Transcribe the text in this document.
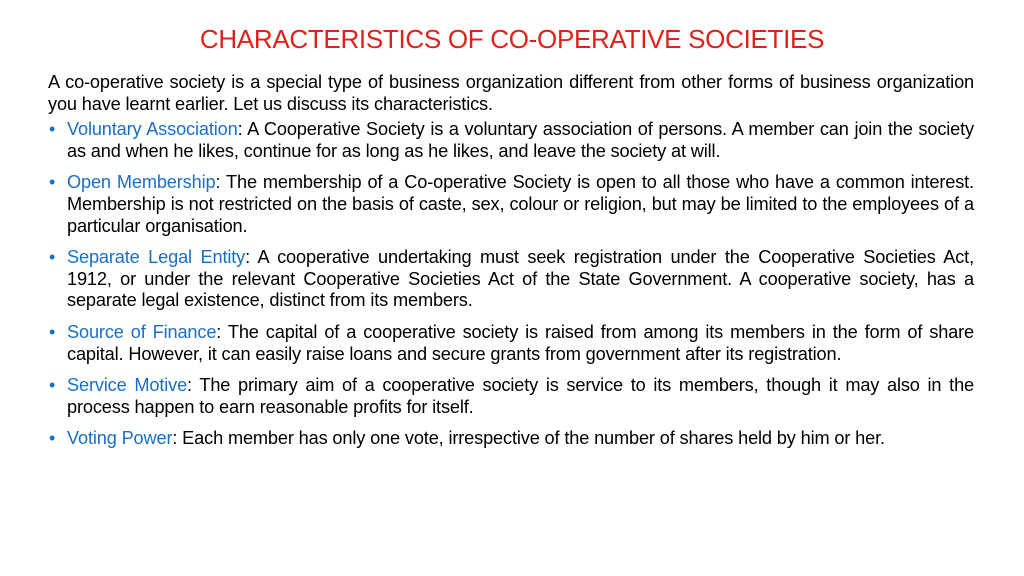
CHARACTERISTICS OF CO-OPERATIVE SOCIETIES

A co-operative society is a special type of business organization different from other forms of business organization you have learnt earlier. Let us discuss its characteristics.

• Voluntary Association: A Cooperative Society is a voluntary association of persons. A member can join the society as and when he likes, continue for as long as he likes, and leave the society at will.
• Open Membership: The membership of a Co-operative Society is open to all those who have a common interest. Membership is not restricted on the basis of caste, sex, colour or religion, but may be limited to the employees of a particular organisation.
• Separate Legal Entity: A cooperative undertaking must seek registration under the Cooperative Societies Act, 1912, or under the relevant Cooperative Societies Act of the State Government. A cooperative society, has a separate legal existence, distinct from its members.
• Source of Finance: The capital of a cooperative society is raised from among its members in the form of share capital. However, it can easily raise loans and secure grants from government after its registration.
• Service Motive: The primary aim of a cooperative society is service to its members, though it may also in the process happen to earn reasonable profits for itself.
• Voting Power: Each member has only one vote, irrespective of the number of shares held by him or her.
